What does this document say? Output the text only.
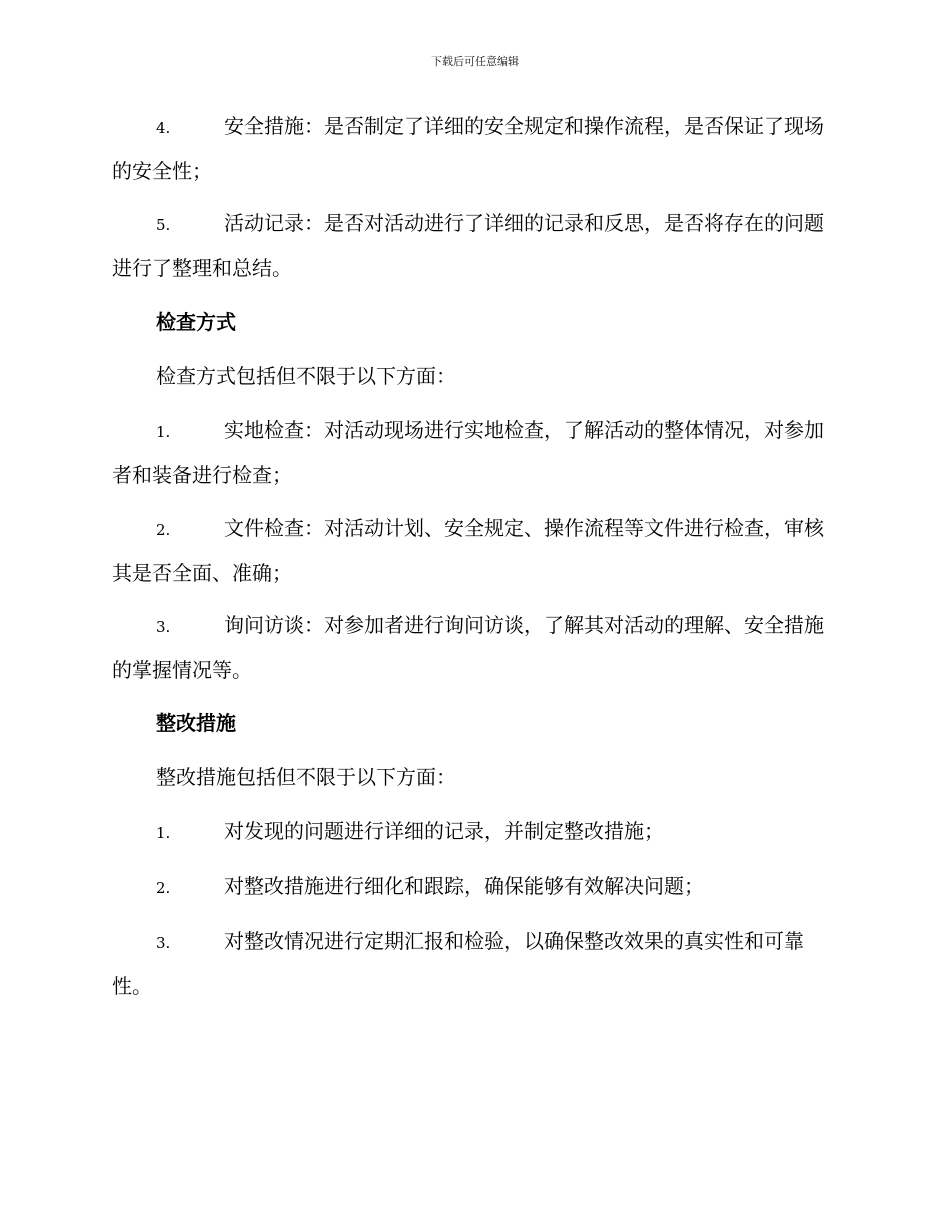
下载后可任意编辑

4.	安全措施：是否制定了详细的安全规定和操作流程，是否保证了现场的安全性；

5.	活动记录：是否对活动进行了详细的记录和反思，是否将存在的问题进行了整理和总结。

检查方式

检查方式包括但不限于以下方面：

1.	实地检查：对活动现场进行实地检查，了解活动的整体情况，对参加者和装备进行检查；

2.	文件检查：对活动计划、安全规定、操作流程等文件进行检查，审核其是否全面、准确；

3.	询问访谈：对参加者进行询问访谈，了解其对活动的理解、安全措施的掌握情况等。

整改措施

整改措施包括但不限于以下方面：

1.	对发现的问题进行详细的记录，并制定整改措施；

2.	对整改措施进行细化和跟踪，确保能够有效解决问题；

3.	对整改情况进行定期汇报和检验，以确保整改效果的真实性和可靠性。
